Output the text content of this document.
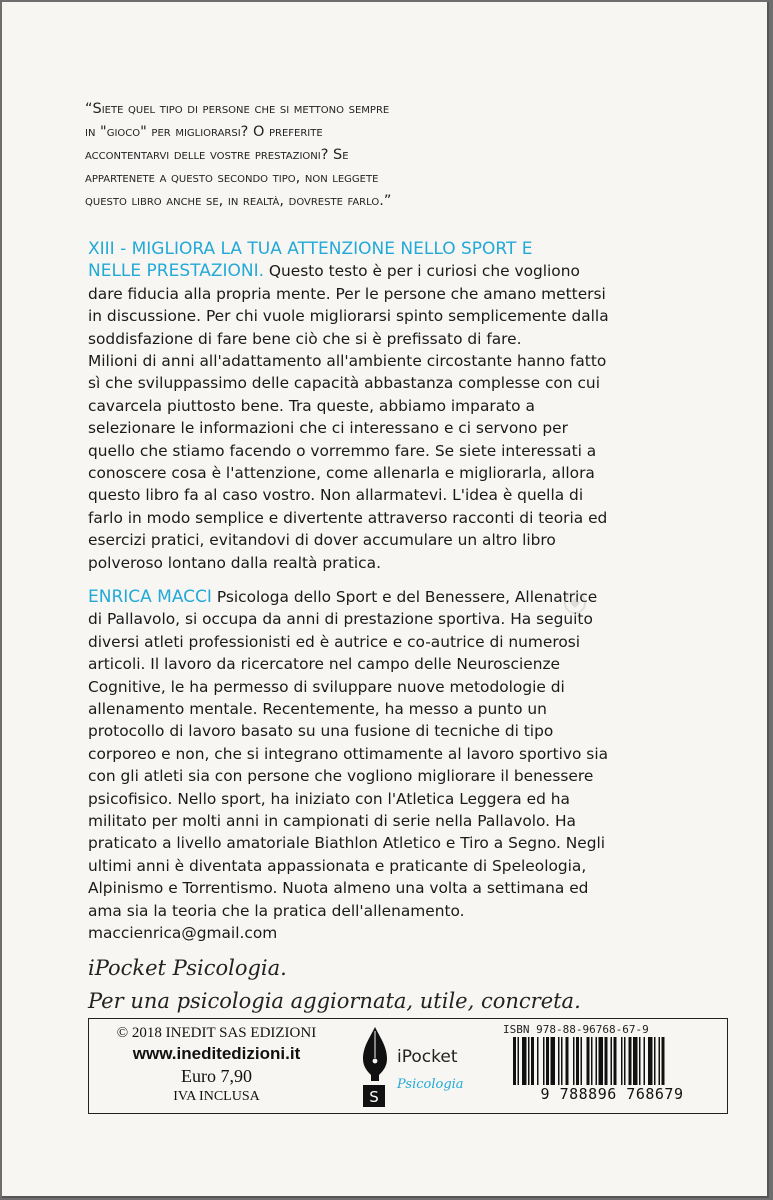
“Siete quel tipo di persone che si mettono sempre
in "gioco" per migliorarsi? O preferite
accontentarvi delle vostre prestazioni? Se
appartenete a questo secondo tipo, non leggete
questo libro anche se, in realtà, dovreste farlo.”
XIII - MIGLIORA LA TUA ATTENZIONE NELLO SPORT E
NELLE PRESTAZIONI. Questo testo è per i curiosi che vogliono
dare fiducia alla propria mente. Per le persone che amano mettersi
in discussione. Per chi vuole migliorarsi spinto semplicemente dalla
soddisfazione di fare bene ciò che si è prefissato di fare.
Milioni di anni all'adattamento all'ambiente circostante hanno fatto
sì che sviluppassimo delle capacità abbastanza complesse con cui
cavarcela piuttosto bene. Tra queste, abbiamo imparato a
selezionare le informazioni che ci interessano e ci servono per
quello che stiamo facendo o vorremmo fare. Se siete interessati a
conoscere cosa è l'attenzione, come allenarla e migliorarla, allora
questo libro fa al caso vostro. Non allarmatevi. L'idea è quella di
farlo in modo semplice e divertente attraverso racconti di teoria ed
esercizi pratici, evitandovi di dover accumulare un altro libro
polveroso lontano dalla realtà pratica.
ENRICA MACCI Psicologa dello Sport e del Benessere, Allenatrice
di Pallavolo, si occupa da anni di prestazione sportiva. Ha seguito
diversi atleti professionisti ed è autrice e co-autrice di numerosi
articoli. Il lavoro da ricercatore nel campo delle Neuroscienze
Cognitive, le ha permesso di sviluppare nuove metodologie di
allenamento mentale. Recentemente, ha messo a punto un
protocollo di lavoro basato su una fusione di tecniche di tipo
corporeo e non, che si integrano ottimamente al lavoro sportivo sia
con gli atleti sia con persone che vogliono migliorare il benessere
psicofisico. Nello sport, ha iniziato con l'Atletica Leggera ed ha
militato per molti anni in campionati di serie nella Pallavolo. Ha
praticato a livello amatoriale Biathlon Atletico e Tiro a Segno. Negli
ultimi anni è diventata appassionata e praticante di Speleologia,
Alpinismo e Torrentismo. Nuota almeno una volta a settimana ed
ama sia la teoria che la pratica dell'allenamento.
maccienrica@gmail.com
iPocket Psicologia.
Per una psicologia aggiornata, utile, concreta.
© 2018 INEDIT SAS EDIZIONI
www.ineditedizioni.it
Euro 7,90
IVA INCLUSA	S
iPocket
Psicologia
ISBN 978-88-96768-67-9
9 788896 768679
